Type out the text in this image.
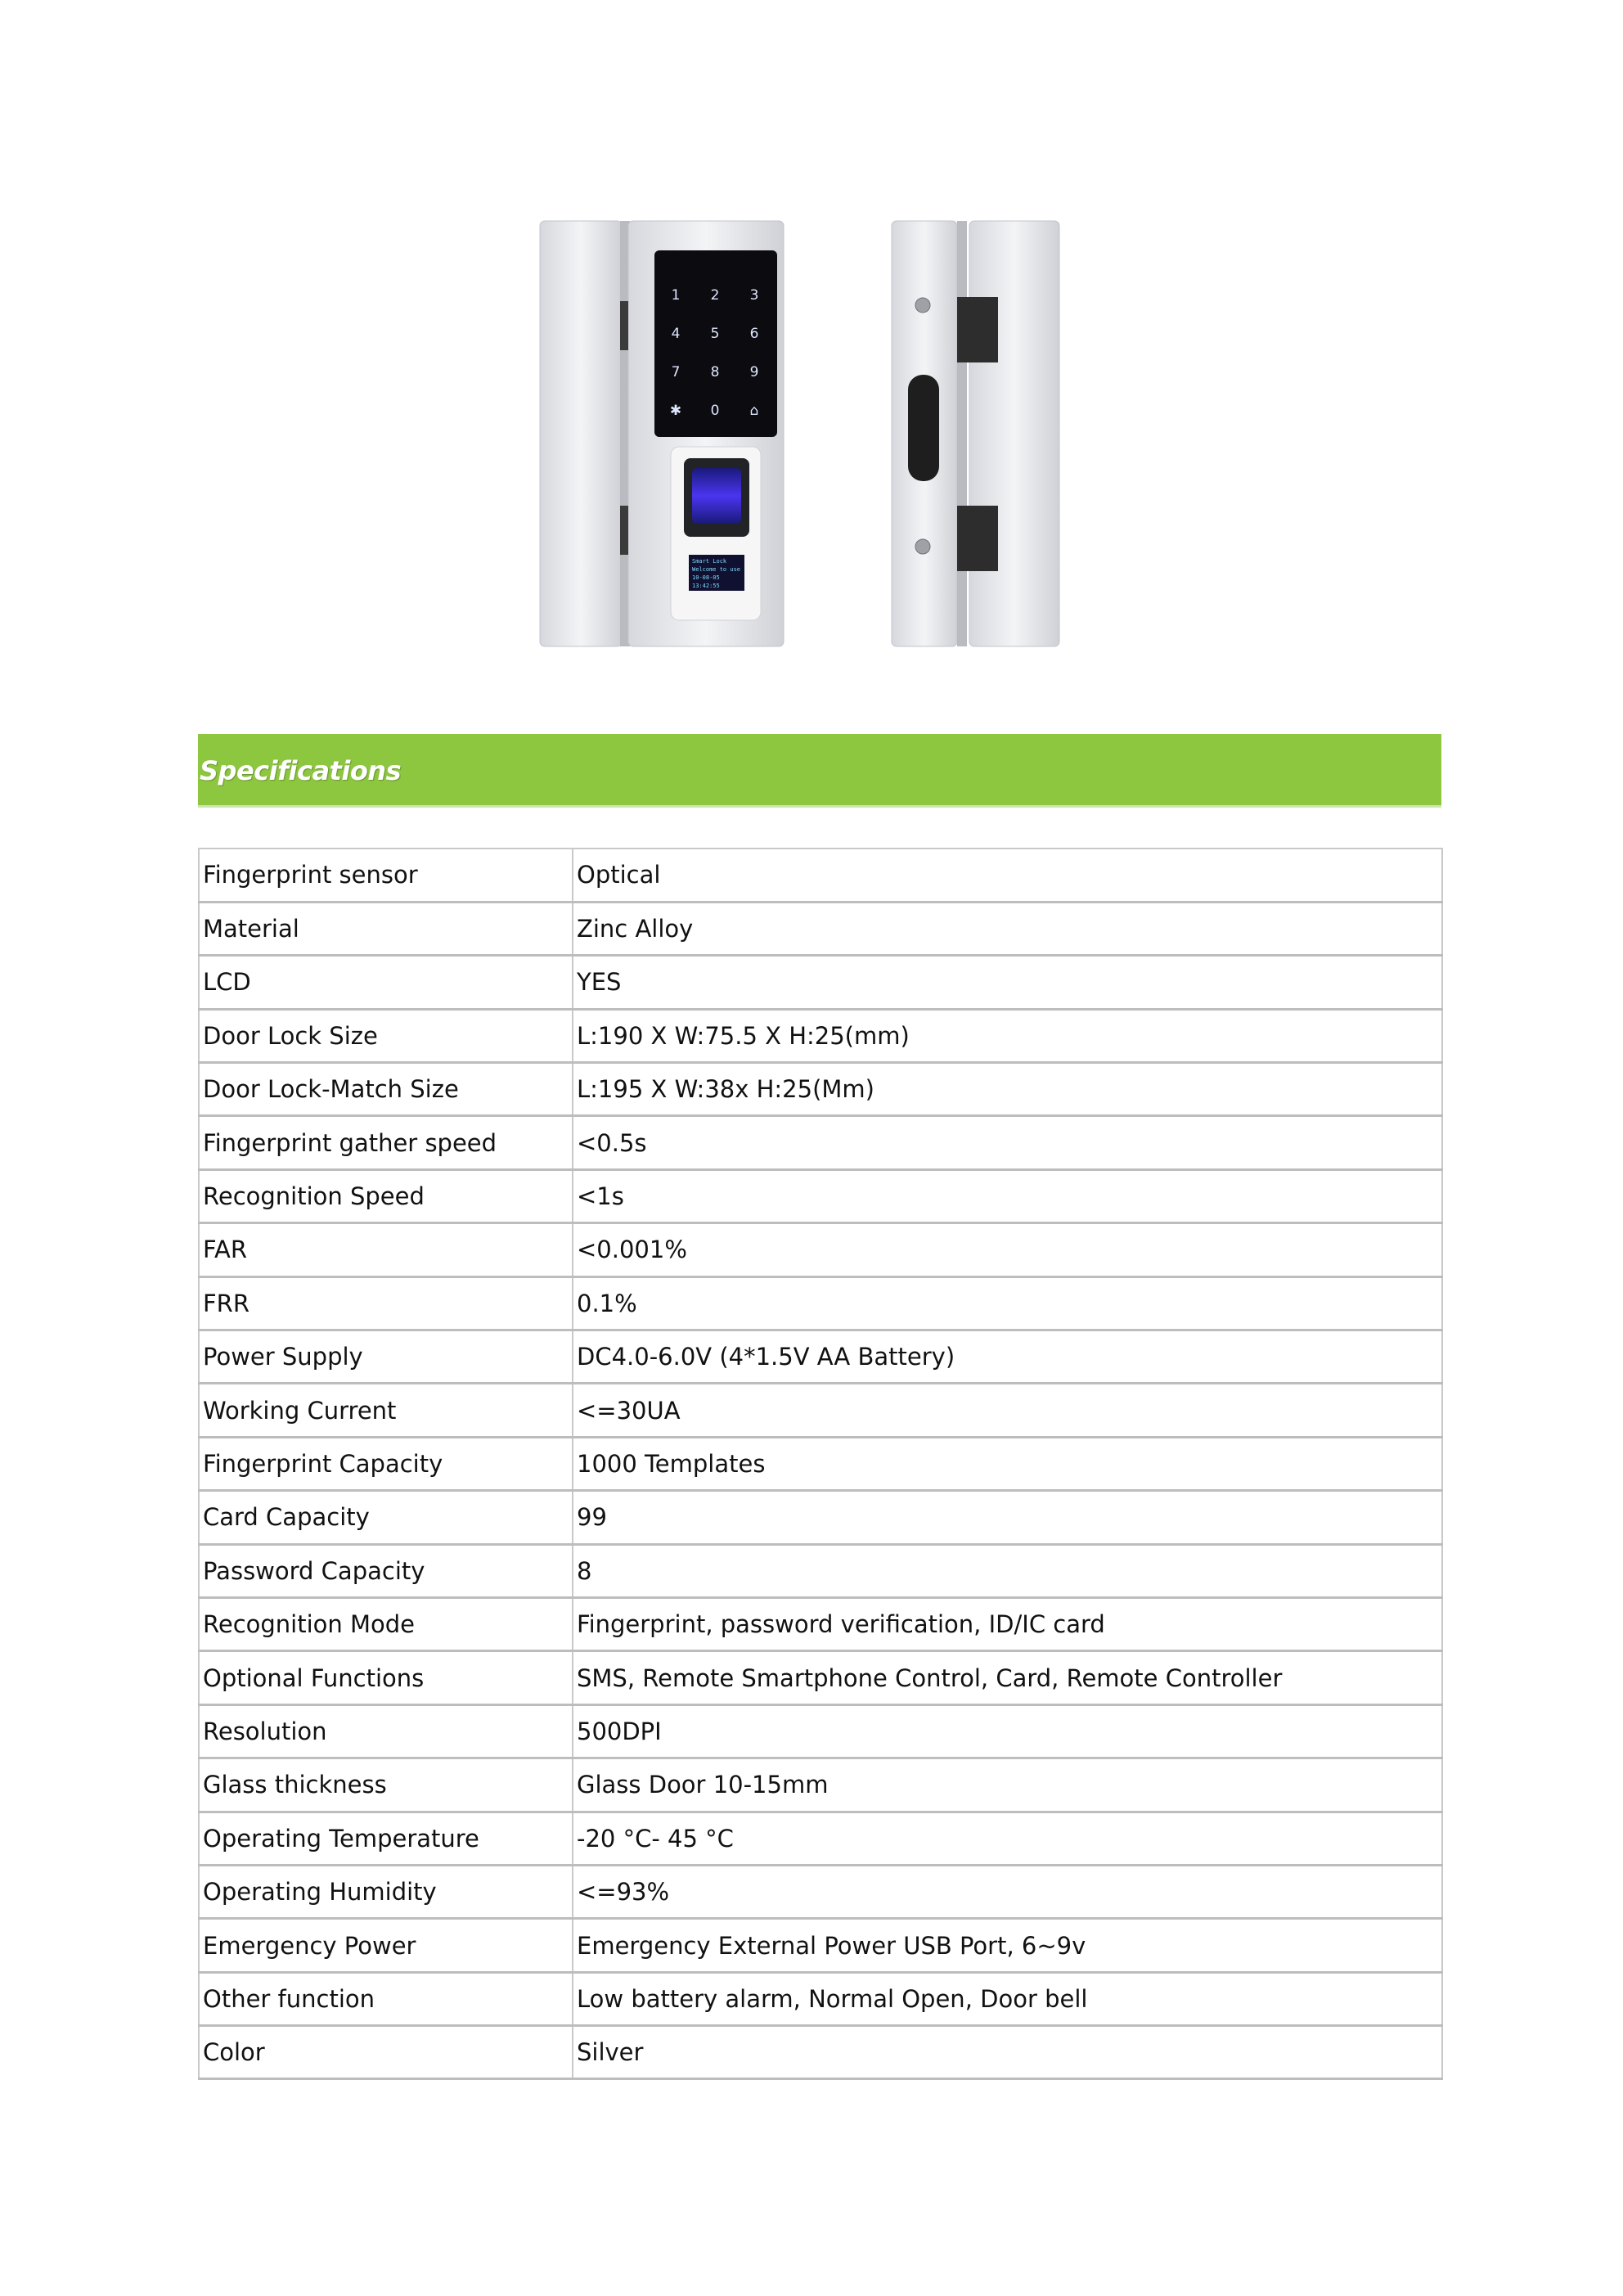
1 2 3
4 5 6
7 8 9
✱ 0 ⌂
Smart Lock
Welcome to use
10-08-05
13:42:55
Specifications
Fingerprint sensor	Optical
Material	Zinc Alloy
LCD	YES
Door Lock Size	L:190 X W:75.5 X H:25(mm)
Door Lock-Match Size	L:195 X W:38x H:25(Mm)
Fingerprint gather speed	<0.5s
Recognition Speed	<1s
FAR	<0.001%
FRR	0.1%
Power Supply	DC4.0-6.0V (4*1.5V AA Battery)
Working Current	<=30UA
Fingerprint Capacity	1000 Templates
Card Capacity	99
Password Capacity	8
Recognition Mode	Fingerprint, password verification, ID/IC card
Optional Functions	SMS, Remote Smartphone Control, Card, Remote Controller
Resolution	500DPI
Glass thickness	Glass Door 10-15mm
Operating Temperature	-20 °C- 45 °C
Operating Humidity	<=93%
Emergency Power	Emergency External Power USB Port, 6~9v
Other function	Low battery alarm, Normal Open, Door bell
Color	Silver
